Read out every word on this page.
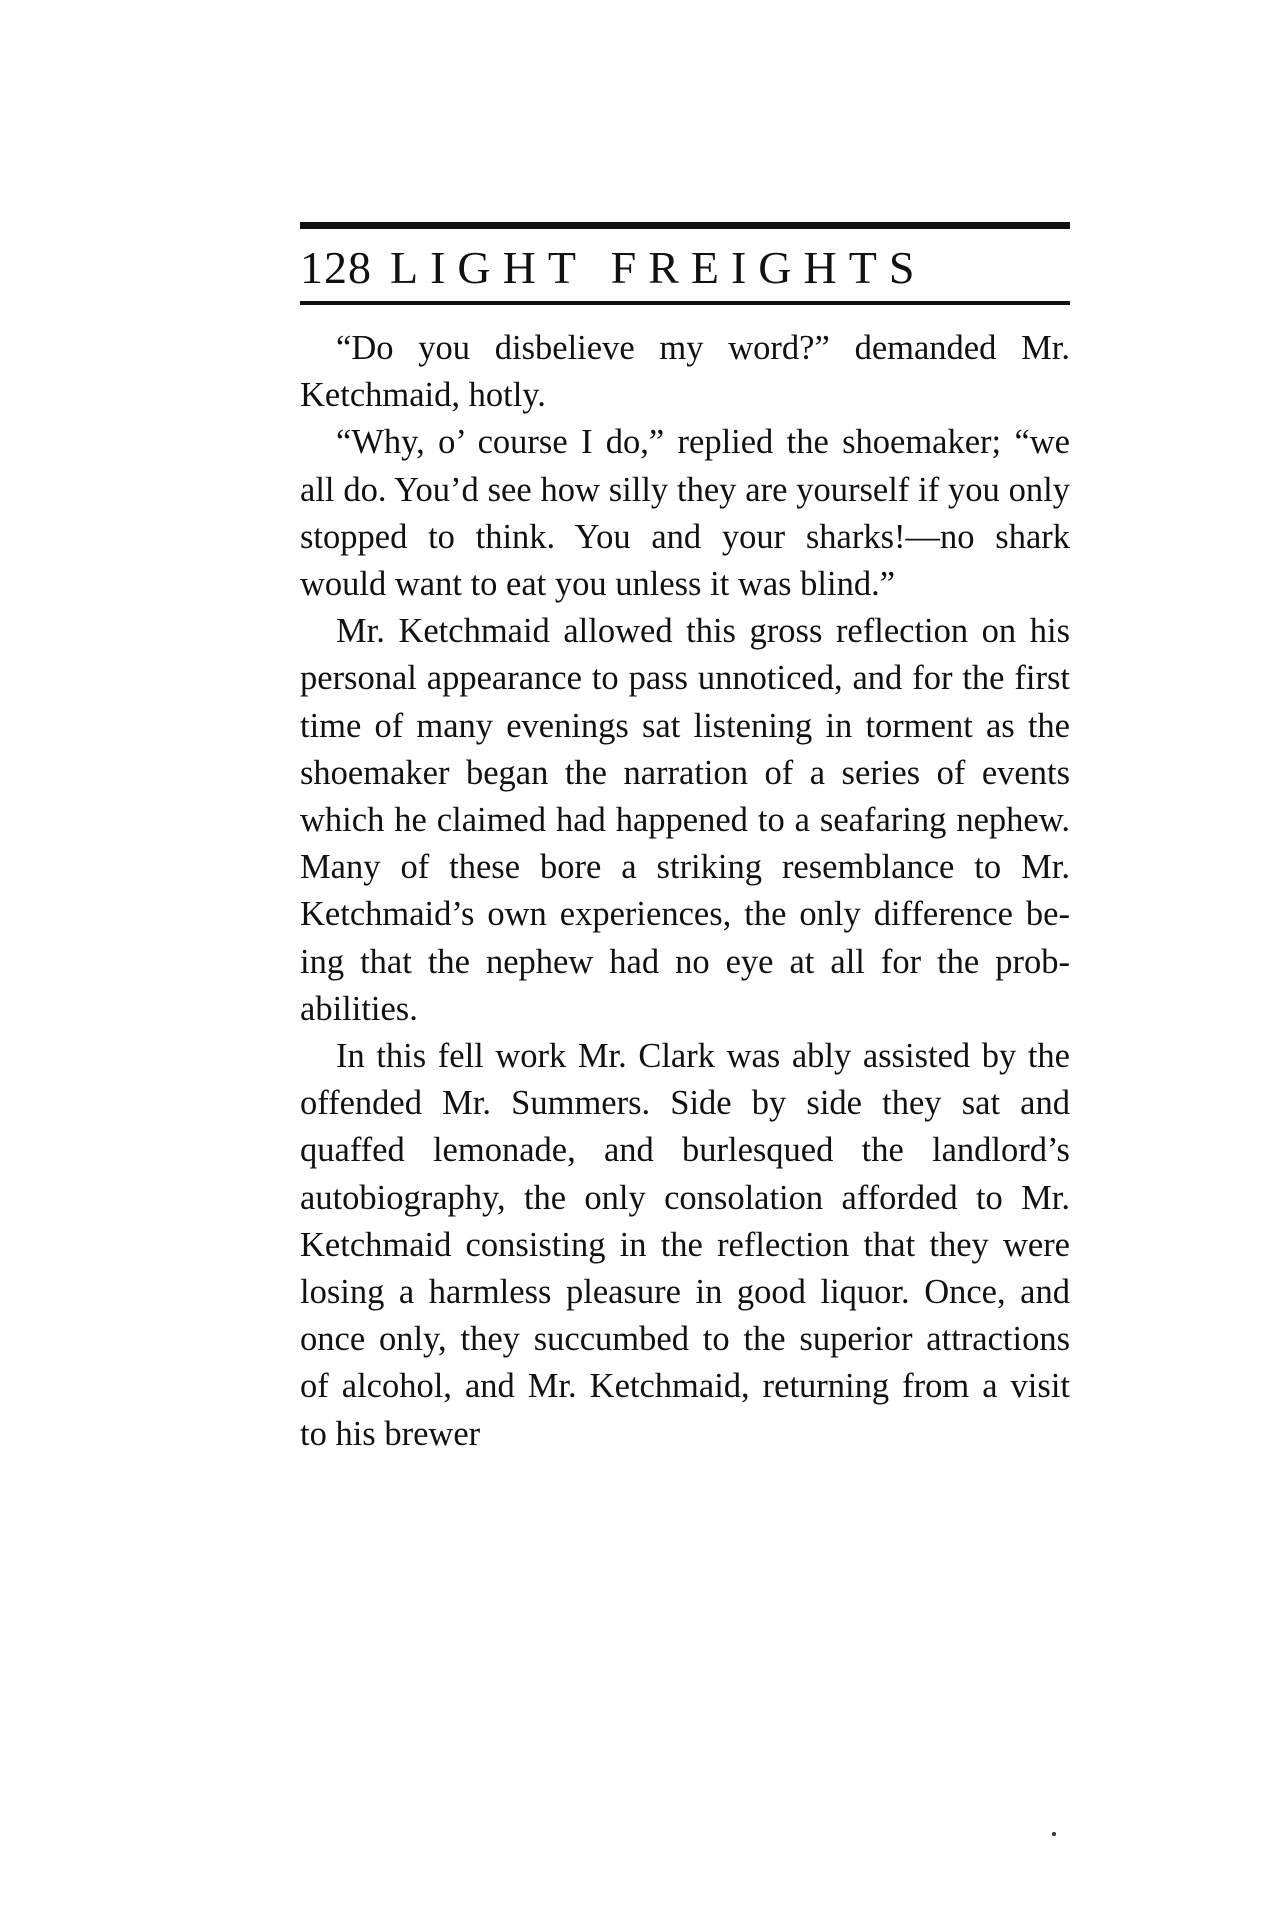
128 LIGHT FREIGHTS

“Do you disbelieve my word?” demanded Mr. Ketchmaid, hotly.

“Why, o’ course I do,” replied the shoemaker; “we all do. You’d see how silly they are yourself if you only stopped to think. You and your sharks!—no shark would want to eat you unless it was blind.”

Mr. Ketchmaid allowed this gross reflection on his personal appearance to pass unnoticed, and for the first time of many evenings sat listening in torment as the shoemaker began the narration of a series of events which he claimed had happened to a seafaring nephew. Many of these bore a striking resemblance to Mr. Ketchmaid’s own experiences, the only difference being that the nephew had no eye at all for the probabilities.

In this fell work Mr. Clark was ably assisted by the offended Mr. Summers. Side by side they sat and quaffed lemonade, and burlesqued the landlord’s autobiography, the only consolation afforded to Mr. Ketchmaid consisting in the reflection that they were losing a harmless pleasure in good liquor. Once, and once only, they succumbed to the superior attractions of alcohol, and Mr. Ketchmaid, returning from a visit to his brewer
